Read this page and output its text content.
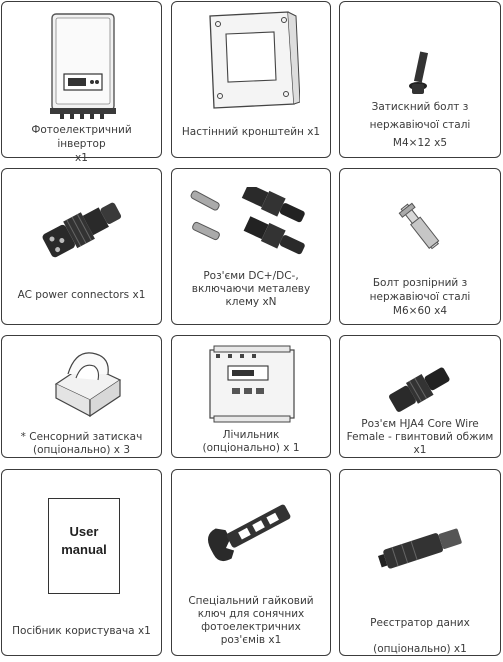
Фотоелектричний інвертор
x1
Настінний кронштейн x1
Затискний болт з
нержавіючої сталі
M4×12 x5
AC power connectors x1
Роз'єми DC+/DC-,
включаючи металеву
клему xN
Болт розпірний з
нержавіючої сталі
M6×60 x4
* Сенсорний затискач
(опціонально) x 3
Лічильник
(опціонально) x 1
Роз'єм HJA4 Core Wire
Female - гвинтовий обжим
x1
User
manual
Посібник користувача x1
Спеціальний гайковий
ключ для сонячних
фотоелектричних
роз'ємів x1
Реєстратор даних
(опціонально) x1
